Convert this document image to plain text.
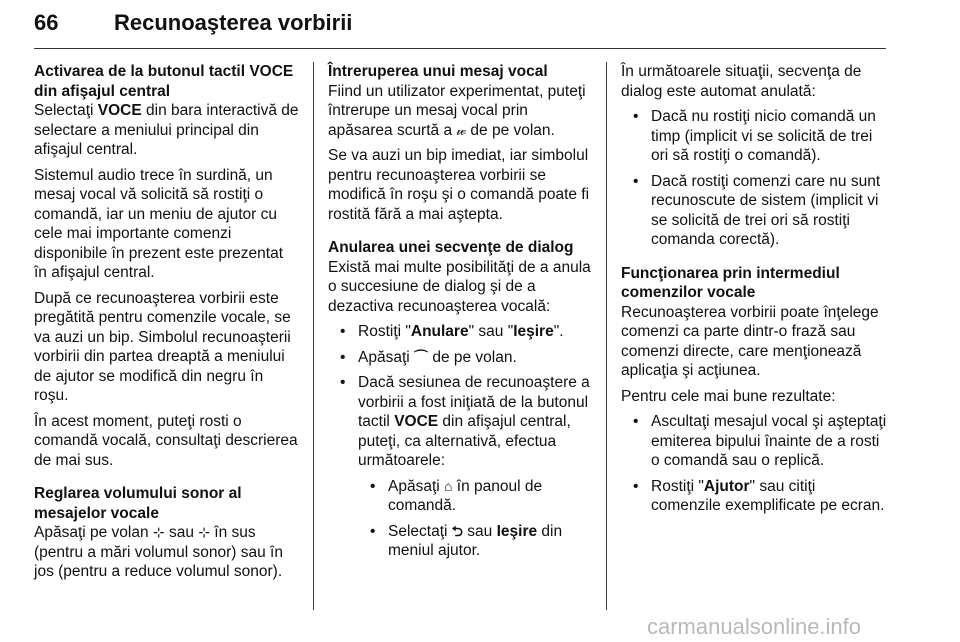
66	Recunoaşterea vorbirii
Activarea de la butonul tactil VOCE din afişajul central

Selectaţi VOCE din bara interactivă de selectare a meniului principal din afişajul central.

Sistemul audio trece în surdină, un mesaj vocal vă solicită să rostiţi o comandă, iar un meniu de ajutor cu cele mai importante comenzi disponibile în prezent este prezentat în afişajul central.

După ce recunoaşterea vorbirii este pregătită pentru comenzile vocale, se va auzi un bip. Simbolul recunoaşterii vorbirii din partea dreaptă a meniului de ajutor se modifică din negru în roşu.

În acest moment, puteţi rosti o comandă vocală, consultaţi descrierea de mai sus.

Reglarea volumului sonor al mesajelor vocale

Apăsaţi pe volan ⊹ sau ⊹ în sus (pentru a mări volumul sonor) sau în jos (pentru a reduce volumul sonor).

Întreruperea unui mesaj vocal

Fiind un utilizator experimentat, puteţi întrerupe un mesaj vocal prin apăsarea scurtă a 𝓌 de pe volan.

Se va auzi un bip imediat, iar simbolul pentru recunoaşterea vorbirii se modifică în roşu şi o comandă poate fi rostită fără a mai aştepta.

Anularea unei secvenţe de dialog

Există mai multe posibilităţi de a anula o succesiune de dialog şi de a dezactiva recunoaşterea vocală:

• Rostiţi "Anulare" sau "Ieşire".
• Apăsaţi ⌒ de pe volan.
• Dacă sesiunea de recunoaştere a vorbirii a fost iniţiată de la butonul tactil VOCE din afişajul central, puteţi, ca alternativă, efectua următoarele:
• Apăsaţi ⌂ în panoul de comandă.
• Selectaţi ⮌ sau Ieşire din meniul ajutor.

În următoarele situaţii, secvenţa de dialog este automat anulată:

• Dacă nu rostiţi nicio comandă un timp (implicit vi se solicită de trei ori să rostiţi o comandă).
• Dacă rostiţi comenzi care nu sunt recunoscute de sistem (implicit vi se solicită de trei ori să rostiţi comanda corectă).
Funcţionarea prin intermediul comenzilor vocale

Recunoaşterea vorbirii poate înţelege comenzi ca parte dintr-o frază sau comenzi directe, care menţionează aplicaţia şi acţiunea.

Pentru cele mai bune rezultate:

• Ascultaţi mesajul vocal şi aşteptaţi emiterea bipului înainte de a rosti o comandă sau o replică.
• Rostiţi "Ajutor" sau citiţi comenzile exemplificate pe ecran.
carmanualsonline.info
